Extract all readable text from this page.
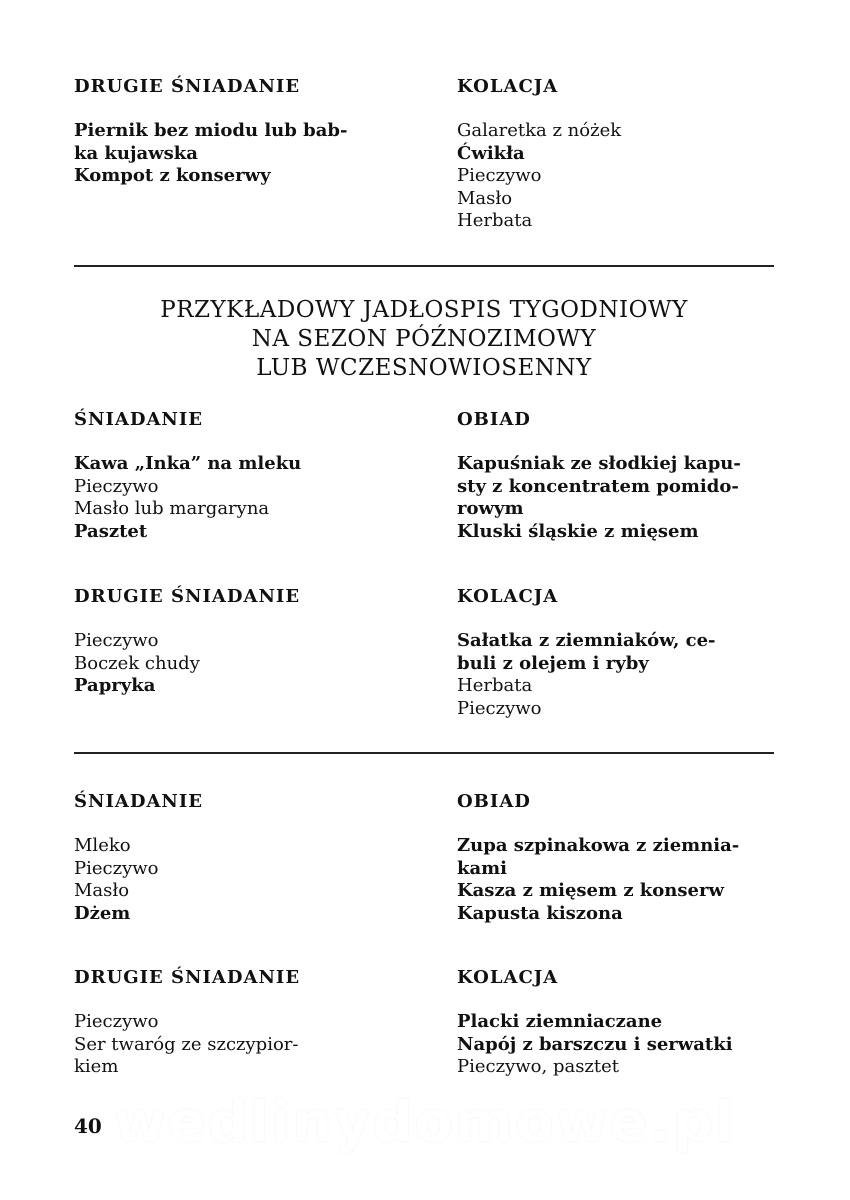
DRUGIE ŚNIADANIE
Piernik bez miodu lub bab-
ka kujawska
Kompot z konserwy
KOLACJA
Galaretka z nóżek
Ćwikła
Pieczywo
Masło
Herbata
PRZYKŁADOWY JADŁOSPIS TYGODNIOWY
NA SEZON PÓŹNOZIMOWY
LUB WCZESNOWIOSENNY
ŚNIADANIE
Kawa „Inka” na mleku
Pieczywo
Masło lub margaryna
Pasztet
OBIAD
Kapuśniak ze słodkiej kapu-
sty z koncentratem pomido-
rowym
Kluski śląskie z mięsem
DRUGIE ŚNIADANIE
Pieczywo
Boczek chudy
Papryka
KOLACJA
Sałatka z ziemniaków, ce-
buli z olejem i ryby
Herbata
Pieczywo
ŚNIADANIE
Mleko
Pieczywo
Masło
Dżem
OBIAD
Zupa szpinakowa z ziemnia-
kami
Kasza z mięsem z konserw
Kapusta kiszona
DRUGIE ŚNIADANIE
Pieczywo
Ser twaróg ze szczypior-
kiem
KOLACJA
Placki ziemniaczane
Napój z barszczu i serwatki
Pieczywo, pasztet
wedlinydomowe.pl
40
